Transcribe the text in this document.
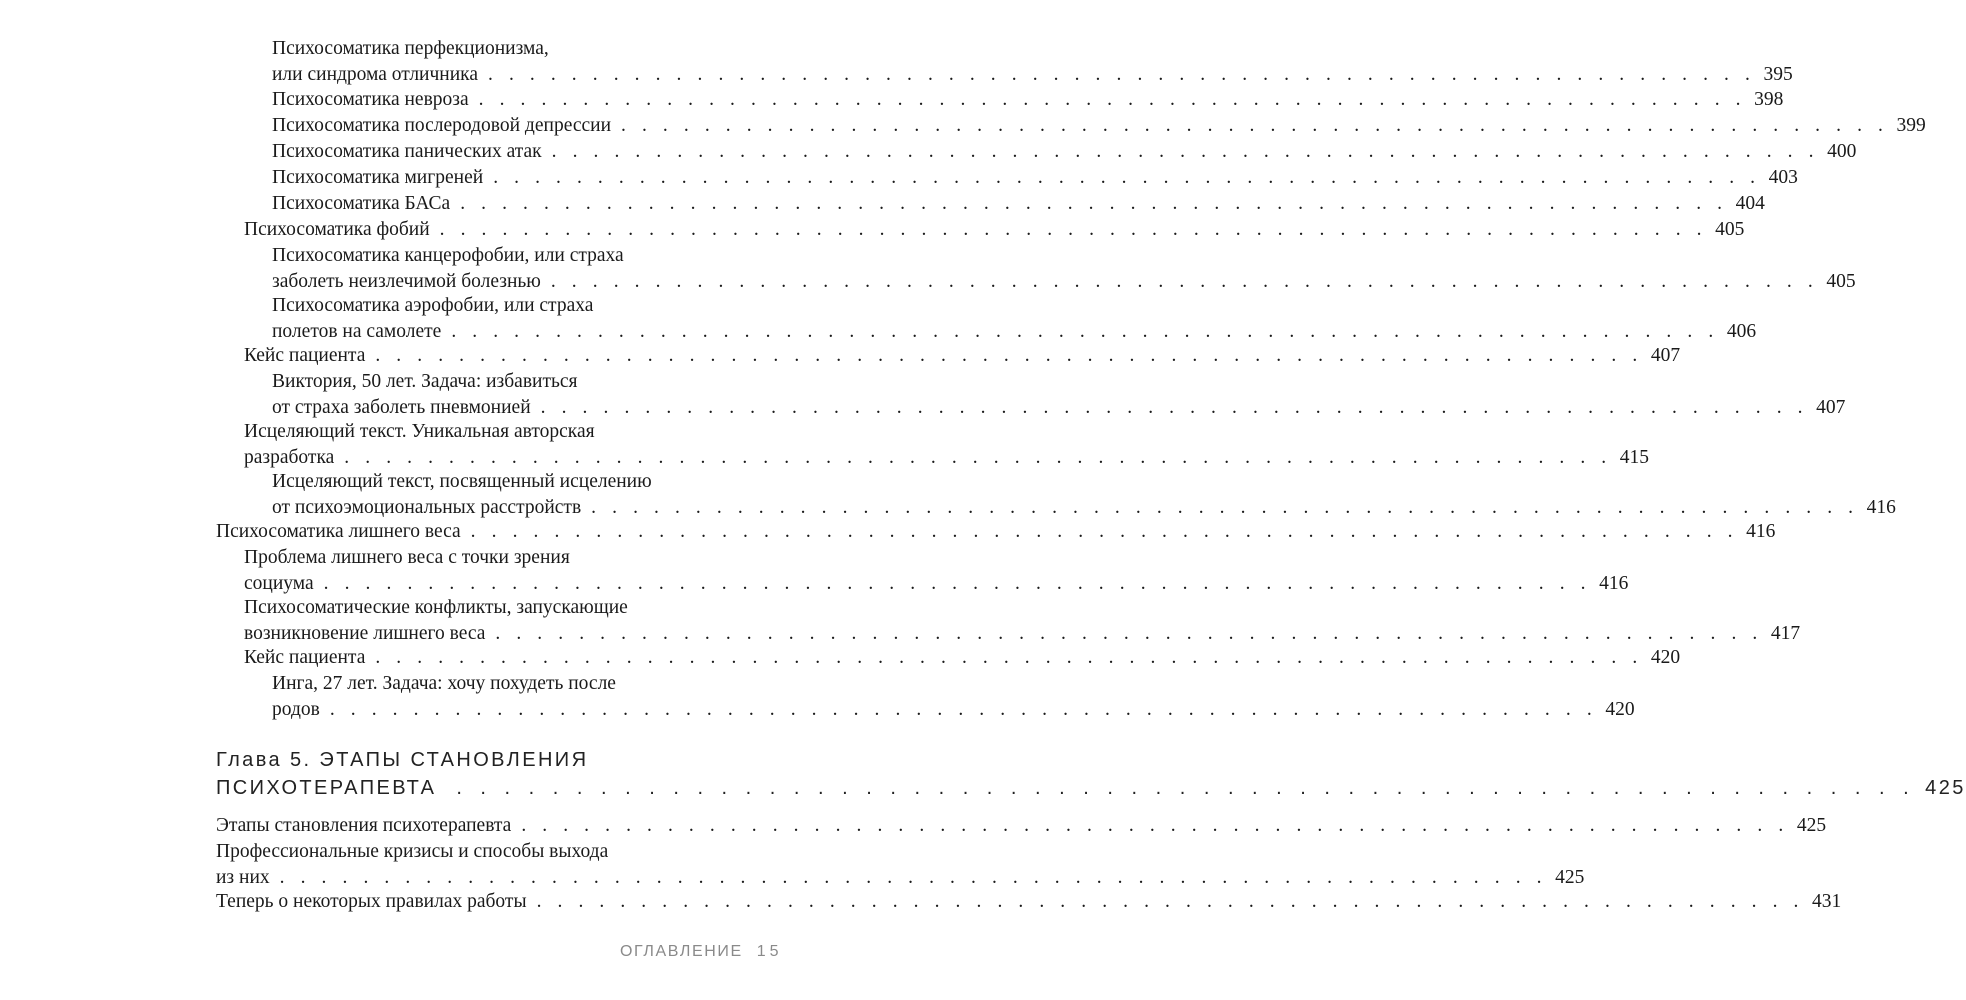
Психосоматика перфекционизма,
или синдрома отличника . . . . . . . . . . . . . . . . . . . . . . . . . . . . . . . . . . . . . . . . . . . . . . . . . . . . . . . . . . . . . 395
Психосоматика невроза . . . . . . . . . . . . . . . . . . . . . . . . . . . . . . . . . . . . . . . . . . . . . . . . . . . . . . . . . . . . . 398
Психосоматика послеродовой депрессии . . . . . . . . . . . . . . . . . . . . . . . . . . . . . . . . . . . . . . . . . . . . . . . . . . . . . . . . . . . . . 399
Психосоматика панических атак . . . . . . . . . . . . . . . . . . . . . . . . . . . . . . . . . . . . . . . . . . . . . . . . . . . . . . . . . . . . . 400
Психосоматика мигреней . . . . . . . . . . . . . . . . . . . . . . . . . . . . . . . . . . . . . . . . . . . . . . . . . . . . . . . . . . . . . 403
Психосоматика БАСа . . . . . . . . . . . . . . . . . . . . . . . . . . . . . . . . . . . . . . . . . . . . . . . . . . . . . . . . . . . . . 404
Психосоматика фобий . . . . . . . . . . . . . . . . . . . . . . . . . . . . . . . . . . . . . . . . . . . . . . . . . . . . . . . . . . . . . 405
Психосоматика канцерофобии, или страха
заболеть неизлечимой болезнью . . . . . . . . . . . . . . . . . . . . . . . . . . . . . . . . . . . . . . . . . . . . . . . . . . . . . . . . . . . . . 405
Психосоматика аэрофобии, или страха
полетов на самолете . . . . . . . . . . . . . . . . . . . . . . . . . . . . . . . . . . . . . . . . . . . . . . . . . . . . . . . . . . . . . 406
Кейс пациента . . . . . . . . . . . . . . . . . . . . . . . . . . . . . . . . . . . . . . . . . . . . . . . . . . . . . . . . . . . . . 407
Виктория, 50 лет. Задача: избавиться
от страха заболеть пневмонией . . . . . . . . . . . . . . . . . . . . . . . . . . . . . . . . . . . . . . . . . . . . . . . . . . . . . . . . . . . . . 407
Исцеляющий текст. Уникальная авторская
разработка . . . . . . . . . . . . . . . . . . . . . . . . . . . . . . . . . . . . . . . . . . . . . . . . . . . . . . . . . . . . . 415
Исцеляющий текст, посвященный исцелению
от психоэмоциональных расстройств . . . . . . . . . . . . . . . . . . . . . . . . . . . . . . . . . . . . . . . . . . . . . . . . . . . . . . . . . . . . . 416
Психосоматика лишнего веса . . . . . . . . . . . . . . . . . . . . . . . . . . . . . . . . . . . . . . . . . . . . . . . . . . . . . . . . . . . . . 416
Проблема лишнего веса с точки зрения
социума . . . . . . . . . . . . . . . . . . . . . . . . . . . . . . . . . . . . . . . . . . . . . . . . . . . . . . . . . . . . . 416
Психосоматические конфликты, запускающие
возникновение лишнего веса . . . . . . . . . . . . . . . . . . . . . . . . . . . . . . . . . . . . . . . . . . . . . . . . . . . . . . . . . . . . . 417
Кейс пациента . . . . . . . . . . . . . . . . . . . . . . . . . . . . . . . . . . . . . . . . . . . . . . . . . . . . . . . . . . . . . 420
Инга, 27 лет. Задача: хочу похудеть после
родов . . . . . . . . . . . . . . . . . . . . . . . . . . . . . . . . . . . . . . . . . . . . . . . . . . . . . . . . . . . . . 420
Глава 5. ЭТАПЫ СТАНОВЛЕНИЯ
ПСИХОТЕРАПЕВТА . . . . . . . . . . . . . . . . . . . . . . . . . . . . . . . . . . . . . . . . . . . . . . . . . . . . . . . . . . . . . 425
Этапы становления психотерапевта . . . . . . . . . . . . . . . . . . . . . . . . . . . . . . . . . . . . . . . . . . . . . . . . . . . . . . . . . . . . . 425
Профессиональные кризисы и способы выхода
из них . . . . . . . . . . . . . . . . . . . . . . . . . . . . . . . . . . . . . . . . . . . . . . . . . . . . . . . . . . . . . 425
Теперь о некоторых правилах работы . . . . . . . . . . . . . . . . . . . . . . . . . . . . . . . . . . . . . . . . . . . . . . . . . . . . . . . . . . . . . 431
ОГЛАВЛЕНИЕ 15
